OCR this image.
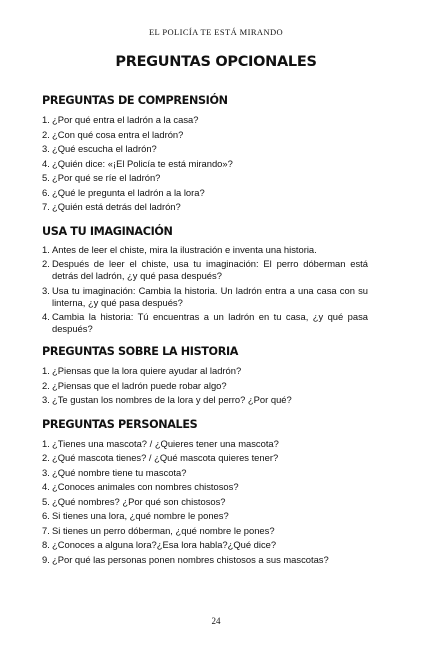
EL POLICÍA TE ESTÁ MIRANDO
PREGUNTAS OPCIONALES
PREGUNTAS DE COMPRENSIÓN
1. ¿Por qué entra el ladrón a la casa?
2. ¿Con qué cosa entra el ladrón?
3. ¿Qué escucha el ladrón?
4. ¿Quién dice: «¡El Policía te está mirando»?
5. ¿Por qué se ríe el ladrón?
6. ¿Qué le pregunta el ladrón a la lora?
7. ¿Quién está detrás del ladrón?
USA TU IMAGINACIÓN
1. Antes de leer el chiste, mira la ilustración e inventa una historia.
2. Después de leer el chiste, usa tu imaginación: El perro dóberman está detrás del ladrón, ¿y qué pasa después?
3. Usa tu imaginación: Cambia la historia. Un ladrón entra a una casa con su linterna, ¿y qué pasa después?
4. Cambia la historia: Tú encuentras a un ladrón en tu casa, ¿y qué pasa después?
PREGUNTAS SOBRE LA HISTORIA
1. ¿Piensas que la lora quiere ayudar al ladrón?
2. ¿Piensas que el ladrón puede robar algo?
3. ¿Te gustan los nombres de la lora y del perro? ¿Por qué?
PREGUNTAS PERSONALES
1. ¿Tienes una mascota? / ¿Quieres tener una mascota?
2. ¿Qué mascota tienes? / ¿Qué mascota quieres tener?
3. ¿Qué nombre tiene tu mascota?
4. ¿Conoces animales con nombres chistosos?
5. ¿Qué nombres? ¿Por qué son chistosos?
6. Si tienes una lora, ¿qué nombre le pones?
7. Si tienes un perro dóberman, ¿qué nombre le pones?
8. ¿Conoces a alguna lora?¿Esa lora habla?¿Qué dice?
9. ¿Por qué las personas ponen nombres chistosos a sus mascotas?
24
